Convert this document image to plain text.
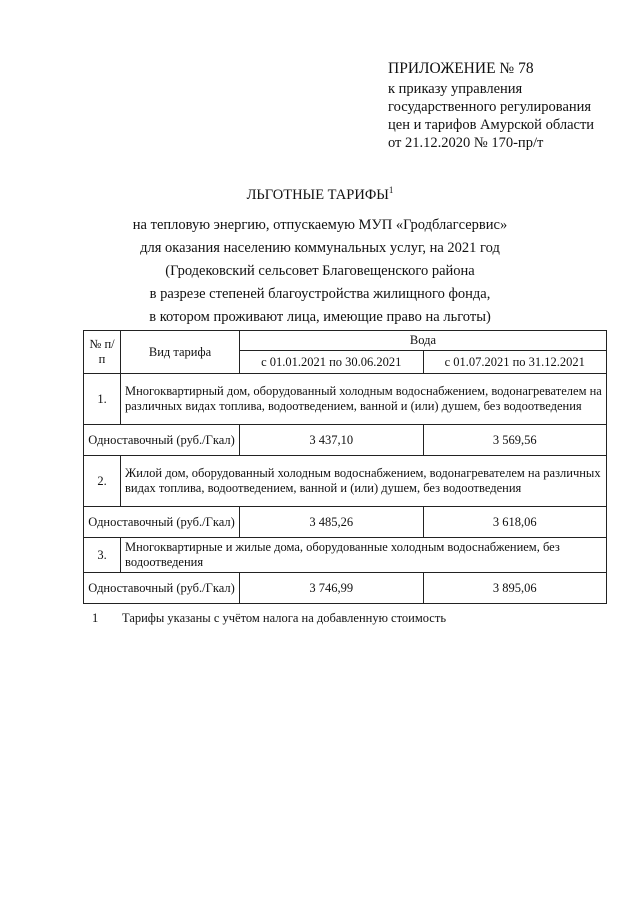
ПРИЛОЖЕНИЕ № 78
к приказу управления
государственного регулирования
цен и тарифов Амурской области
от 21.12.2020 № 170-пр/т
ЛЬГОТНЫЕ ТАРИФЫ$^1$
на тепловую энергию, отпускаемую МУП «Гродблагсервис»
для оказания населению коммунальных услуг, на 2021 год
(Гродековский сельсовет Благовещенского района
в разрезе степеней благоустройства жилищного фонда,
в котором проживают лица, имеющие право на льготы)
№ п/п	Вид тарифа	Вода	
		с 01.01.2021 по 30.06.2021	с 01.07.2021 по 31.12.2021
1.	Многоквартирный дом, оборудованный холодным водоснабжением, водонагревателем на различных видах топлива, водоотведением, ванной и (или) душем, без водоотведения		
Одноставочный (руб./Гкал)		3 437,10	3 569,56
2.	Жилой дом, оборудованный холодным водоснабжением, водонагревателем на различных видах топлива, водоотведением, ванной и (или) душем, без водоотведения		
Одноставочный (руб./Гкал)		3 485,26	3 618,06
3.	Многоквартирные и жилые дома, оборудованные холодным водоснабжением, без водоотведения		
Одноставочный (руб./Гкал)		3 746,99	3 895,06
1 Тарифы указаны с учётом налога на добавленную стоимость
